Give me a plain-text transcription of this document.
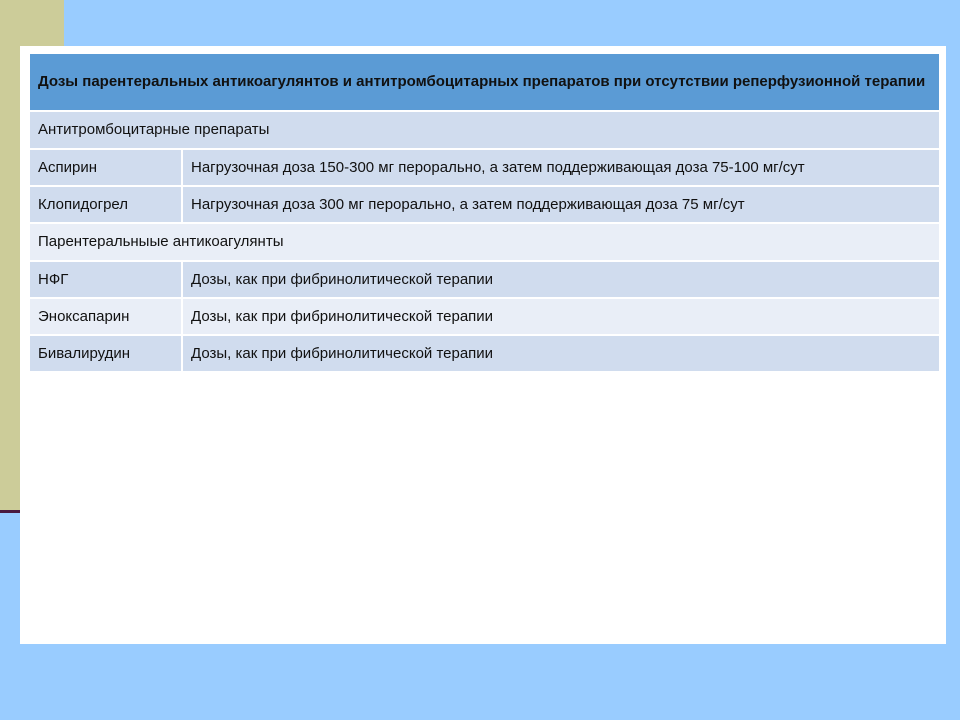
Дозы парентеральных антикоагулянтов и антитромбоцитарных препаратов при отсутствии реперфузионной терапии	
Антитромбоцитарные препараты	
Аспирин	Нагрузочная доза 150-300 мг перорально, а затем поддерживающая доза 75-100 мг/сут
Клопидогрел	Нагрузочная доза 300 мг перорально, а затем поддерживающая доза 75 мг/сут
Парентеральныые антикоагулянты	
НФГ	Дозы, как при фибринолитической терапии
Эноксапарин	Дозы, как при фибринолитической терапии
Бивалирудин	Дозы, как при фибринолитической терапии
